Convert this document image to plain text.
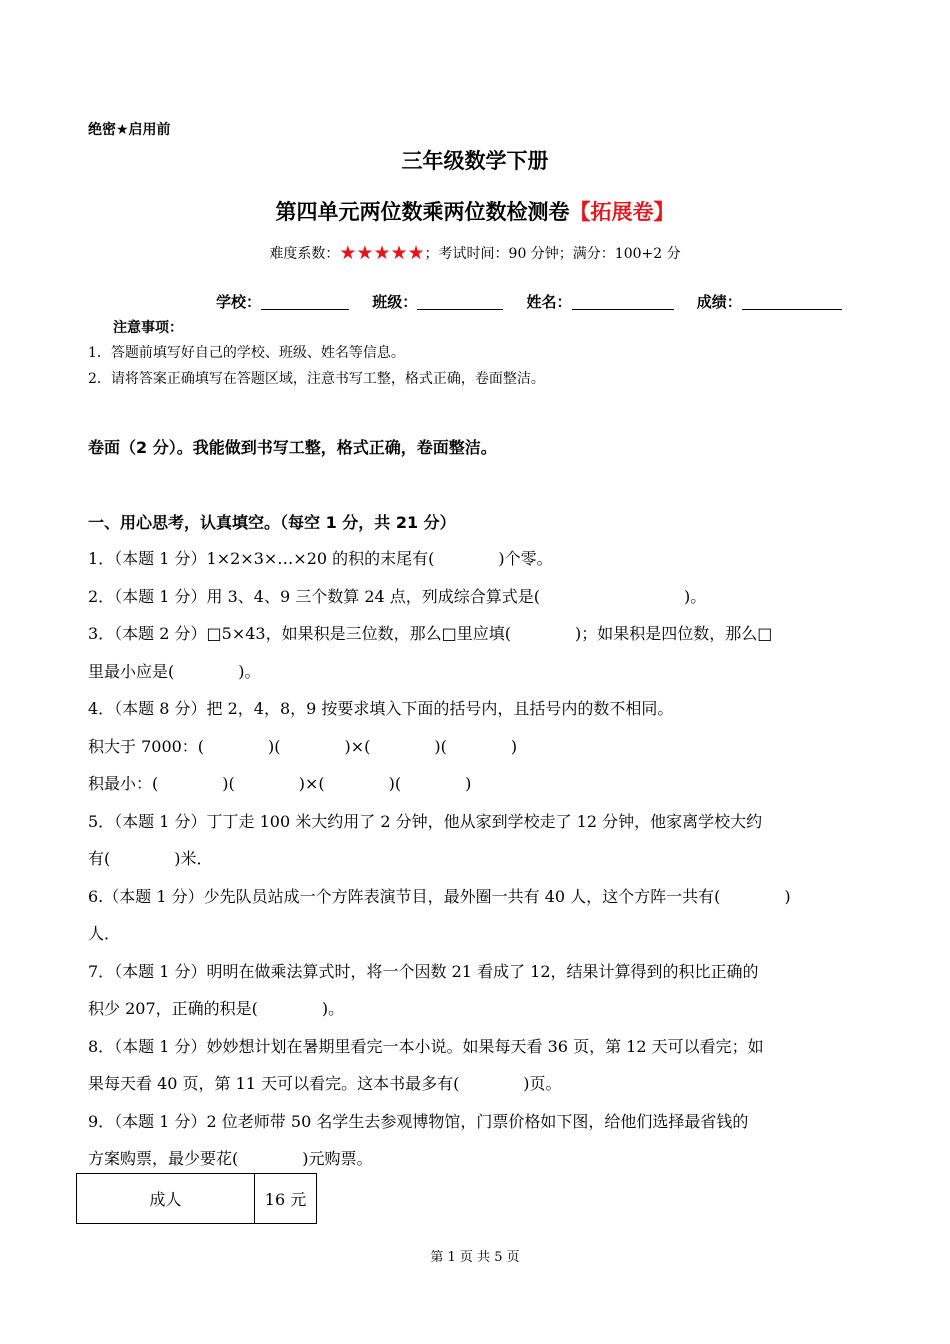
绝密★启用前
三年级数学下册
第四单元两位数乘两位数检测卷【拓展卷】
难度系数：★★★★★；考试时间：90 分钟；满分：100+2 分
学校：	班级：	姓名：	成绩：
注意事项：
1．答题前填写好自己的学校、班级、姓名等信息。
2．请将答案正确填写在答题区域，注意书写工整，格式正确，卷面整洁。
卷面（2 分）。我能做到书写工整，格式正确，卷面整洁。
一、用心思考，认真填空。（每空 1 分，共 21 分）
1．（本题 1 分）1×2×3×…×20 的积的末尾有(　　　　)个零。
2．（本题 1 分）用 3、4、9 三个数算 24 点，列成综合算式是(　　　　　　　　　)。
3．（本题 2 分）□5×43，如果积是三位数，那么□里应填(　　　　)；如果积是四位数，那么□
里最小应是(　　　　)。
4．（本题 8 分）把 2，4，8，9 按要求填入下面的括号内，且括号内的数不相同。
积大于 7000：(　　　　)(　　　　)×(　　　　)(　　　　)
积最小：(　　　　)(　　　　)×(　　　　)(　　　　)
5．（本题 1 分）丁丁走 100 米大约用了 2 分钟，他从家到学校走了 12 分钟，他家离学校大约
有(　　　　)米．
6.（本题 1 分）少先队员站成一个方阵表演节目，最外圈一共有 40 人，这个方阵一共有(　　　　)
人．
7．（本题 1 分）明明在做乘法算式时，将一个因数 21 看成了 12，结果计算得到的积比正确的
积少 207，正确的积是(　　　　)。
8．（本题 1 分）妙妙想计划在暑期里看完一本小说。如果每天看 36 页，第 12 天可以看完；如
果每天看 40 页，第 11 天可以看完。这本书最多有(　　　　)页。
9．（本题 1 分）2 位老师带 50 名学生去参观博物馆，门票价格如下图，给他们选择最省钱的
方案购票，最少要花(　　　　)元购票。
成人	16 元
第 1 页 共 5 页
